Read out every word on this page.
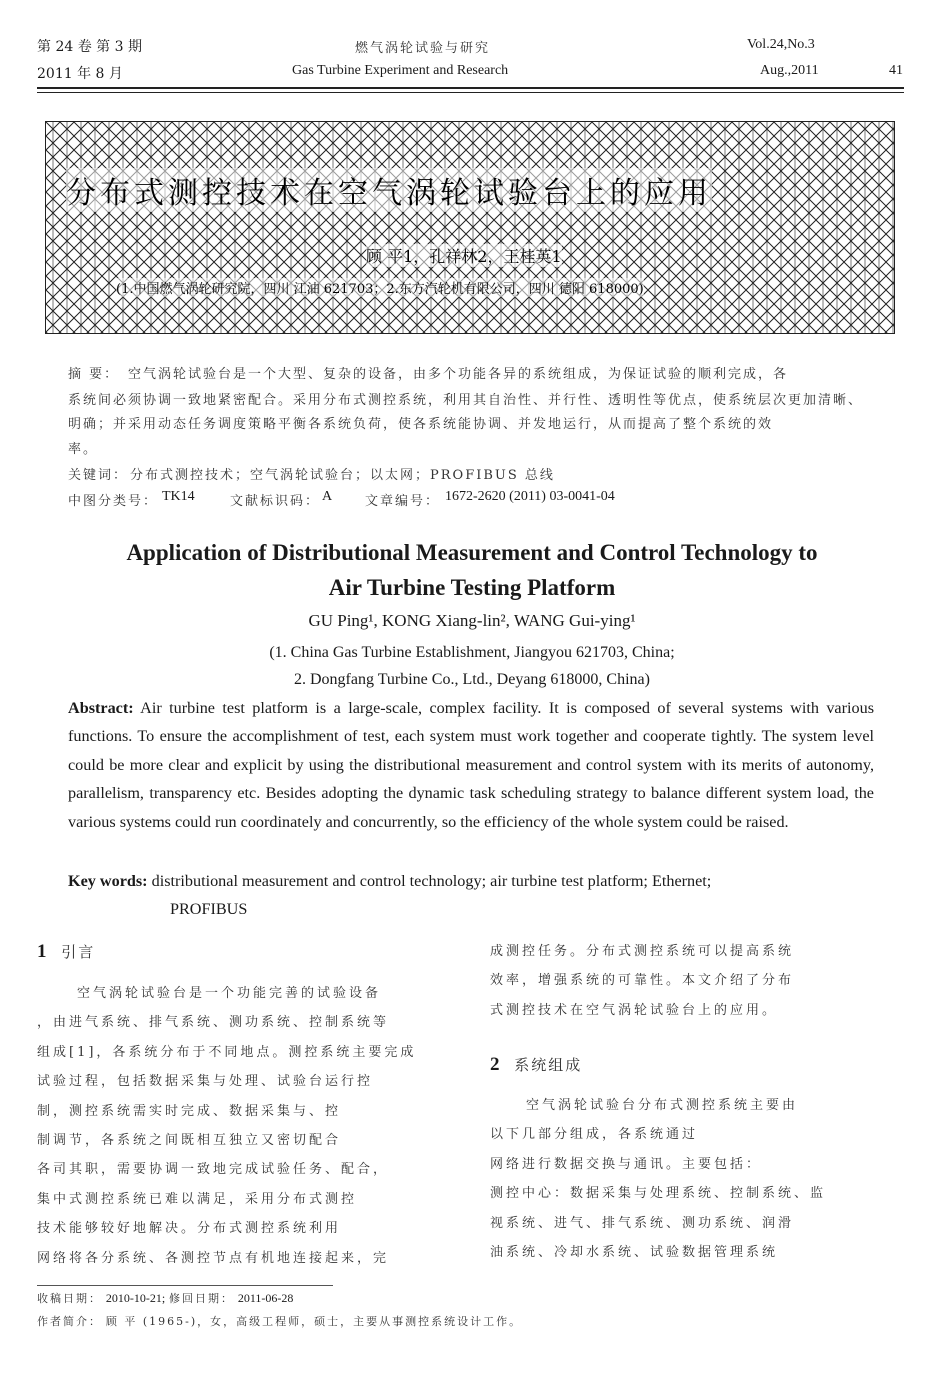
第 24 卷 第 3 期	燃气涡轮试验与研究	Vol.24,No.3
2011 年 8 月	Gas Turbine Experiment and Research	Aug.,2011	41
分布式测控技术在空气涡轮试验台上的应用
顾 平1，孔祥林2，王桂英1
(1.中国燃气涡轮研究院，四川 江油 621703；2.东方汽轮机有限公司，四川 德阳 618000)
摘 要： 空气涡轮试验台是一个大型、复杂的设备，由多个功能各异的系统组成，为保证试验的顺利完成，各
系统间必须协调一致地紧密配合。采用分布式测控系统，利用其自治性、并行性、透明性等优点，使系统层次更加清晰、
明确；并采用动态任务调度策略平衡各系统负荷，使各系统能协调、并发地运行，从而提高了整个系统的效
率。
关键词： 分布式测控技术；空气涡轮试验台；以太网；PROFIBUS 总线
中图分类号： TK14	文献标识码： A	文章编号： 1672-2620 (2011) 03-0041-04
Application of Distributional Measurement and Control Technology to
Air Turbine Testing Platform
GU Ping¹, KONG Xiang-lin², WANG Gui-ying¹
(1. China Gas Turbine Establishment, Jiangyou 621703, China;
2. Dongfang Turbine Co., Ltd., Deyang 618000, China)
Abstract: Air turbine test platform is a large-scale, complex facility. It is composed of several systems with various functions. To ensure the accomplishment of test, each system must work together and cooperate tightly. The system level could be more clear and explicit by using the distributional measurement and control system with its merits of autonomy, parallelism, transparency etc. Besides adopting the dynamic task scheduling strategy to balance different system load, the various systems could run coordinately and concurrently, so the efficiency of the whole system could be raised.
Key words: distributional measurement and control technology; air turbine test platform; Ethernet;
PROFIBUS
1 引言
空气涡轮试验台是一个功能完善的试验设备
，由进气系统、排气系统、测功系统、控制系统等
组成[1]，各系统分布于不同地点。测控系统主要完成
试验过程，包括数据采集与处理、试验台运行控
制，测控系统需实时完成、数据采集与、控
制调节，各系统之间既相互独立又密切配合
各司其职，需要协调一致地完成试验任务、配合，
集中式测控系统已难以满足，采用分布式测控
技术能够较好地解决。分布式测控系统利用
网络将各分系统、各测控节点有机地连接起来，完
成测控任务。分布式测控系统可以提高系统
效率，增强系统的可靠性。本文介绍了分布
式测控技术在空气涡轮试验台上的应用。
2 系统组成
空气涡轮试验台分布式测控系统主要由
以下几部分组成，各系统通过
网络进行数据交换与通讯。主要包括：
测控中心：数据采集与处理系统、控制系统、监
视系统、进气、排气系统、测功系统、润滑
油系统、冷却水系统、试验数据管理系统
收稿日期： 2010-10-21; 修回日期： 2011-06-28
作者简介： 顾 平 (1965-)，女，高级工程师，硕士，主要从事测控系统设计工作。
